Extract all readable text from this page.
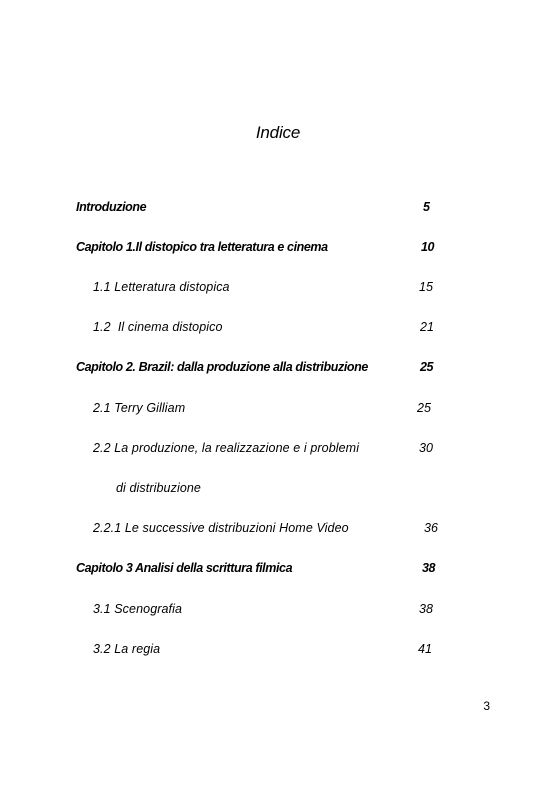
Indice
Introduzione	5
Capitolo 1.Il distopico tra letteratura e cinema	10
1.1 Letteratura distopica	15
1.2  Il cinema distopico	21
Capitolo 2. Brazil: dalla produzione alla distribuzione	25
2.1 Terry Gilliam	25
2.2 La produzione, la realizzazione e i problemi	30
di distribuzione
2.2.1 Le successive distribuzioni Home Video	36
Capitolo 3 Analisi della scrittura filmica	38
3.1 Scenografia	38
3.2 La regia	41
3
